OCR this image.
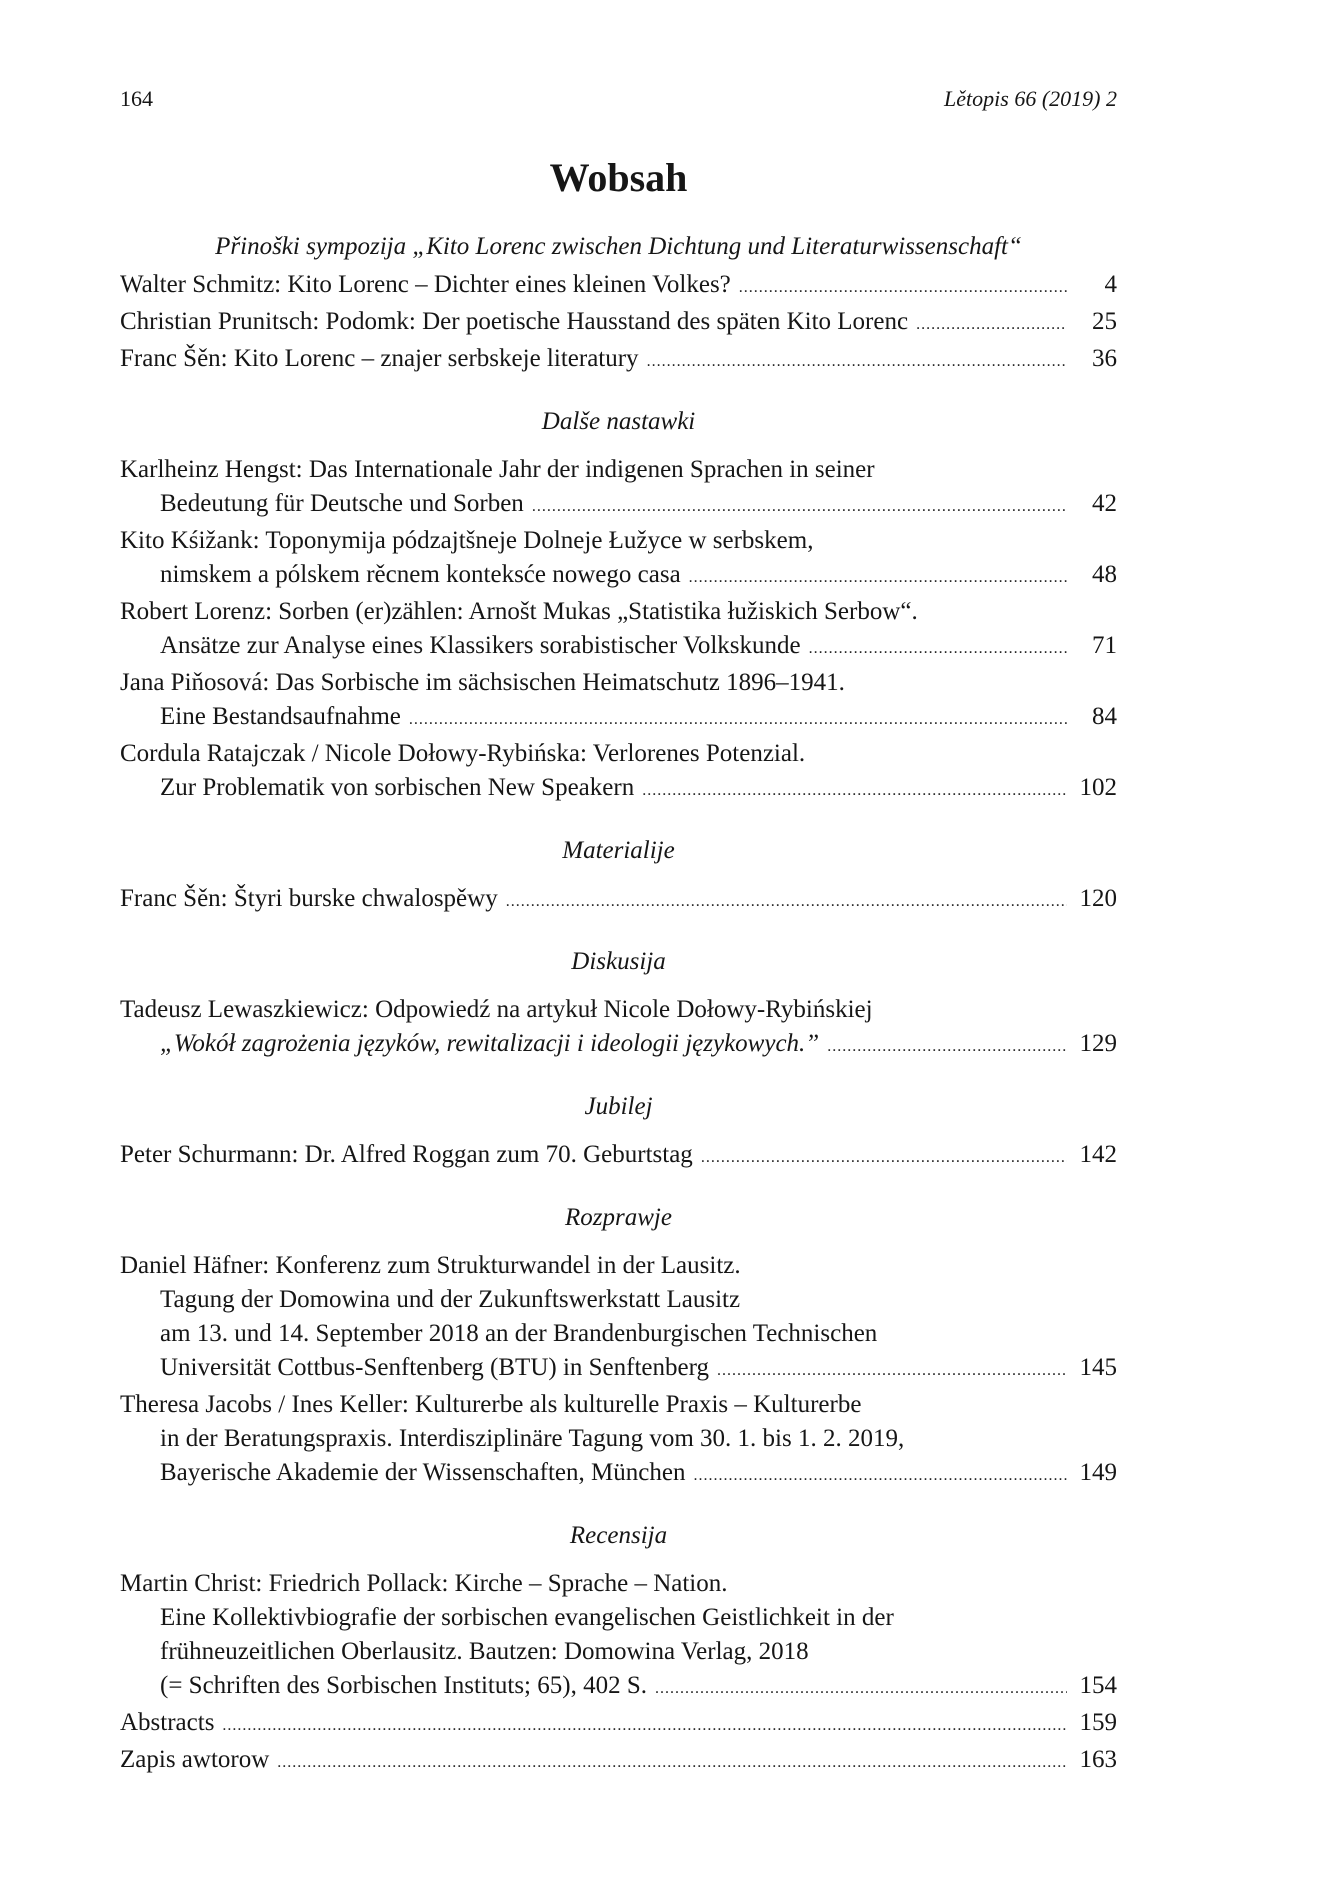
164	Lětopis 66 (2019) 2
Wobsah
Přinoški sympozija „Kito Lorenc zwischen Dichtung und Literaturwissenschaft“
Walter Schmitz: Kito Lorenc – Dichter eines kleinen Volkes? .....	4
Christian Prunitsch: Podomk: Der poetische Hausstand des späten Kito Lorenc .....	25
Franc Šěn: Kito Lorenc – znajer serbskeje literatury .....	36
Dalše nastawki
Karlheinz Hengst: Das Internationale Jahr der indigenen Sprachen in seiner
Bedeutung für Deutsche und Sorben .....	42
Kito Kśižank: Toponymija pódzajtšneje Dolneje Łužyce w serbskem,
nimskem a pólskem rěcnem konteksće nowego casa .....	48
Robert Lorenz: Sorben (er)zählen: Arnošt Mukas „Statistika łužiskich Serbow“.
Ansätze zur Analyse eines Klassikers sorabistischer Volkskunde .....	71
Jana Piňosová: Das Sorbische im sächsischen Heimatschutz 1896–1941.
Eine Bestandsaufnahme .....	84
Cordula Ratajczak / Nicole Dołowy-Rybińska: Verlorenes Potenzial.
Zur Problematik von sorbischen New Speakern .....	102
Materialije
Franc Šěn: Štyri burske chwalospěwy .....	120
Diskusija
Tadeusz Lewaszkiewicz: Odpowiedź na artykuł Nicole Dołowy-Rybińskiej
„Wokół zagrożenia języków, rewitalizacji i ideologii językowych.” .....	129
Jubilej
Peter Schurmann: Dr. Alfred Roggan zum 70. Geburtstag .....	142
Rozprawje
Daniel Häfner: Konferenz zum Strukturwandel in der Lausitz.
Tagung der Domowina und der Zukunftswerkstatt Lausitz
am 13. und 14. September 2018 an der Brandenburgischen Technischen
Universität Cottbus-Senftenberg (BTU) in Senftenberg .....	145
Theresa Jacobs / Ines Keller: Kulturerbe als kulturelle Praxis – Kulturerbe
in der Beratungspraxis. Interdisziplinäre Tagung vom 30. 1. bis 1. 2. 2019,
Bayerische Akademie der Wissenschaften, München .....	149
Recensija
Martin Christ: Friedrich Pollack: Kirche – Sprache – Nation.
Eine Kollektivbiografie der sorbischen evangelischen Geistlichkeit in der
frühneuzeitlichen Oberlausitz. Bautzen: Domowina Verlag, 2018
(= Schriften des Sorbischen Instituts; 65), 402 S. .....	154
Abstracts .....	159
Zapis awtorow .....	163
